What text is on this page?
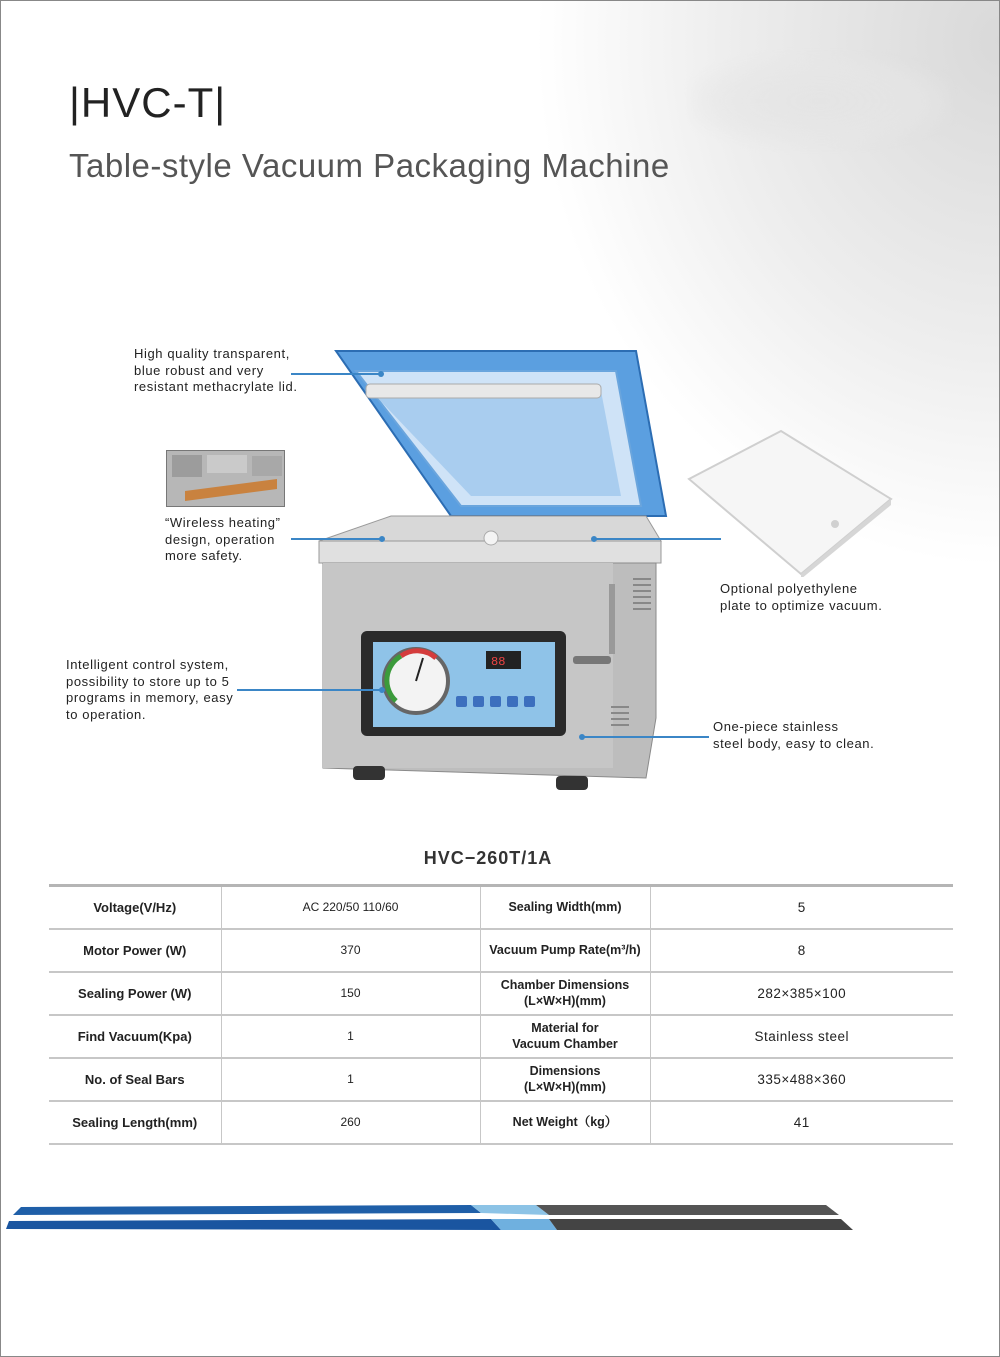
|HVC-T|
Table-style Vacuum Packaging Machine
88
High quality transparent,
blue robust and very
resistant methacrylate lid.
“Wireless heating”
design, operation
more safety.
Intelligent control system,
possibility to store up to 5
programs in memory, easy
to operation.
Optional polyethylene
plate to optimize vacuum.
One-piece stainless
steel body, easy to clean.
HVC−260T/1A
Voltage(V/Hz)	AC 220/50 110/60	Sealing Width(mm)	5
Motor Power (W)	370	Vacuum Pump Rate(m³/h)	8
Sealing Power (W)	150	Chamber Dimensions
(L×W×H)(mm)	282×385×100
Find Vacuum(Kpa)	1	Material for
Vacuum Chamber	Stainless steel
No. of Seal Bars	1	Dimensions
(L×W×H)(mm)	335×488×360
Sealing Length(mm)	260	Net Weight（kg）	41
